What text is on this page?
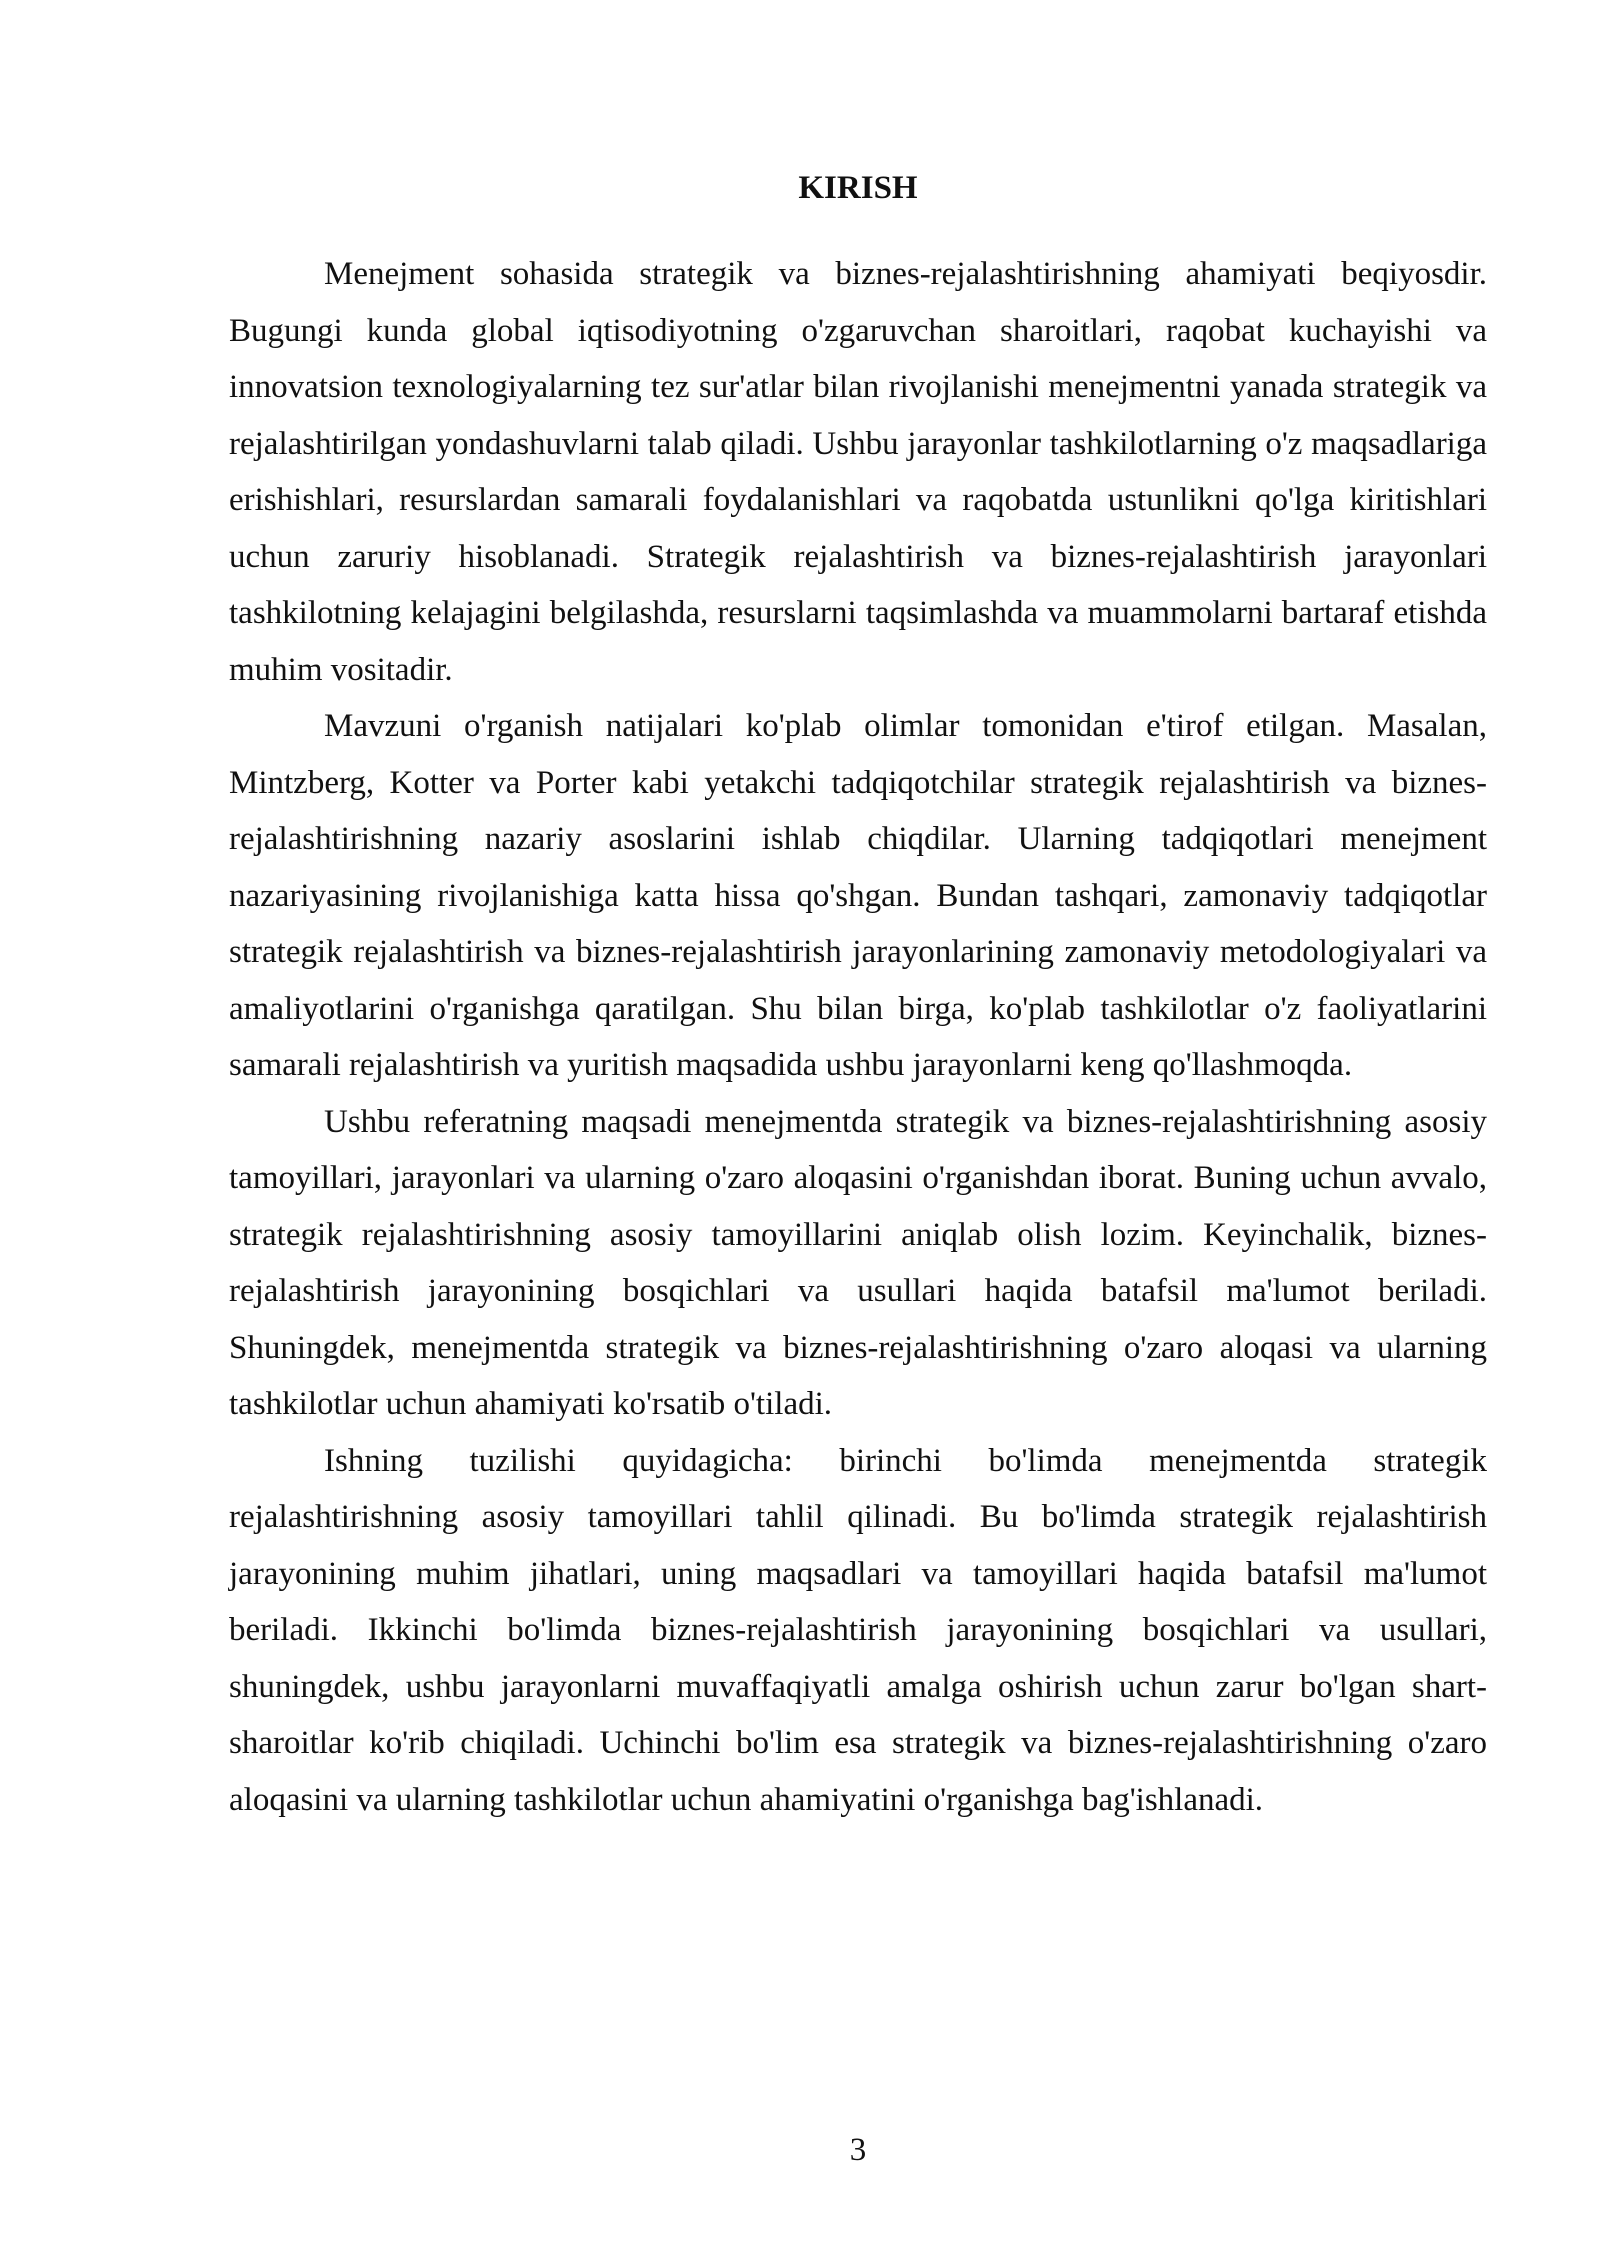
KIRISH

Menejment sohasida strategik va biznes-rejalashtirishning ahamiyati beqiyosdir. Bugungi kunda global iqtisodiyotning o'zgaruvchan sharoitlari, raqobat kuchayishi va innovatsion texnologiyalarning tez sur'atlar bilan rivojlanishi menejmentni yanada strategik va rejalashtirilgan yondashuvlarni talab qiladi. Ushbu jarayonlar tashkilotlarning o'z maqsadlariga erishishlari, resurslardan samarali foydalanishlari va raqobatda ustunlikni qo'lga kiritishlari uchun zaruriy hisoblanadi. Strategik rejalashtirish va biznes-rejalashtirish jarayonlari tashkilotning kelajagini belgilashda, resurslarni taqsimlashda va muammolarni bartaraf etishda muhim vositadir.

Mavzuni o'rganish natijalari ko'plab olimlar tomonidan e'tirof etilgan. Masalan, Mintzberg, Kotter va Porter kabi yetakchi tadqiqotchilar strategik rejalashtirish va biznes-rejalashtirishning nazariy asoslarini ishlab chiqdilar. Ularning tadqiqotlari menejment nazariyasining rivojlanishiga katta hissa qo'shgan. Bundan tashqari, zamonaviy tadqiqotlar strategik rejalashtirish va biznes-rejalashtirish jarayonlarining zamonaviy metodologiyalari va amaliyotlarini o'rganishga qaratilgan. Shu bilan birga, ko'plab tashkilotlar o'z faoliyatlarini samarali rejalashtirish va yuritish maqsadida ushbu jarayonlarni keng qo'llashmoqda.

Ushbu referatning maqsadi menejmentda strategik va biznes-rejalashtirishning asosiy tamoyillari, jarayonlari va ularning o'zaro aloqasini o'rganishdan iborat. Buning uchun avvalo, strategik rejalashtirishning asosiy tamoyillarini aniqlab olish lozim. Keyinchalik, biznes-rejalashtirish jarayonining bosqichlari va usullari haqida batafsil ma'lumot beriladi. Shuningdek, menejmentda strategik va biznes-rejalashtirishning o'zaro aloqasi va ularning tashkilotlar uchun ahamiyati ko'rsatib o'tiladi.

Ishning tuzilishi quyidagicha: birinchi bo'limda menejmentda strategik rejalashtirishning asosiy tamoyillari tahlil qilinadi. Bu bo'limda strategik rejalashtirish jarayonining muhim jihatlari, uning maqsadlari va tamoyillari haqida batafsil ma'lumot beriladi. Ikkinchi bo'limda biznes-rejalashtirish jarayonining bosqichlari va usullari, shuningdek, ushbu jarayonlarni muvaffaqiyatli amalga oshirish uchun zarur bo'lgan shart-sharoitlar ko'rib chiqiladi. Uchinchi bo'lim esa strategik va biznes-rejalashtirishning o'zaro aloqasini va ularning tashkilotlar uchun ahamiyatini o'rganishga bag'ishlanadi.

3
